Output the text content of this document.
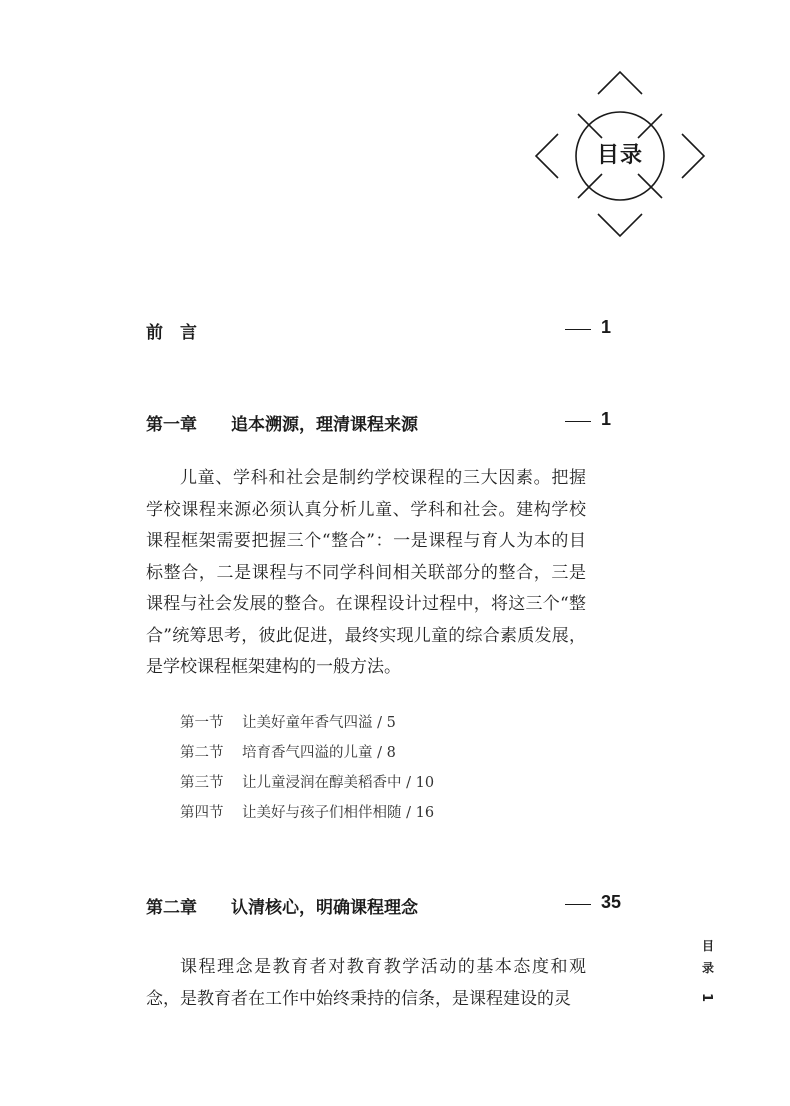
目录
前　言	1
第一章 追本溯源，理清课程来源	1

儿童、学科和社会是制约学校课程的三大因素。把握学校课程来源必须认真分析儿童、学科和社会。建构学校课程框架需要把握三个“整合”：一是课程与育人为本的目标整合，二是课程与不同学科间相关联部分的整合，三是课程与社会发展的整合。在课程设计过程中，将这三个“整合”统筹思考，彼此促进，最终实现儿童的综合素质发展，是学校课程框架建构的一般方法。

第一节 让美好童年香气四溢 / 5
第二节 培育香气四溢的儿童 / 8
第三节 让儿童浸润在醇美稻香中 / 10
第四节 让美好与孩子们相伴相随 / 16
第二章 认清核心，明确课程理念	35

课程理念是教育者对教育教学活动的基本态度和观念，是教育者在工作中始终秉持的信条，是课程建设的灵

目
录
1
